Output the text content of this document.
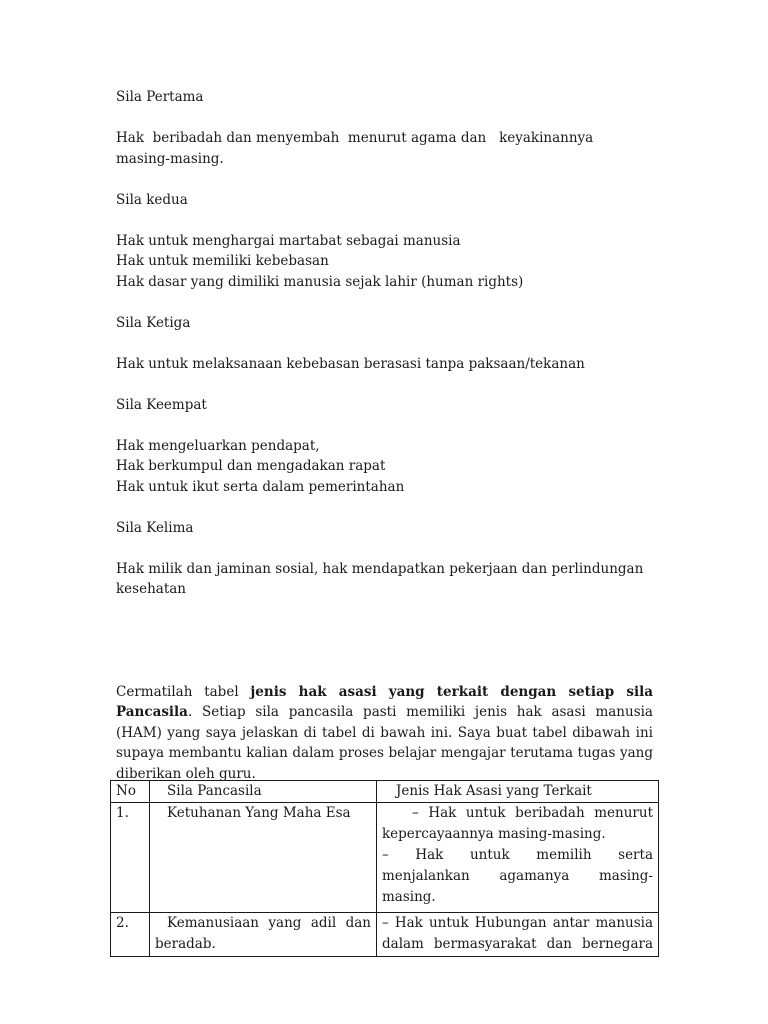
Sila Pertama

Hak  beribadah dan menyembah  menurut agama dan   keyakinannya

masing-masing.

Sila kedua

Hak untuk menghargai martabat sebagai manusia

Hak untuk memiliki kebebasan

Hak dasar yang dimiliki manusia sejak lahir (human rights)

Sila Ketiga

Hak untuk melaksanaan kebebasan berasasi tanpa paksaan/tekanan

Sila Keempat

Hak mengeluarkan pendapat,

Hak berkumpul dan mengadakan rapat

Hak untuk ikut serta dalam pemerintahan

Sila Kelima

Hak milik dan jaminan sosial, hak mendapatkan pekerjaan dan perlindungan

kesehatan

Cermatilah tabel jenis hak asasi yang terkait dengan setiap sila Pancasila. Setiap sila pancasila pasti memiliki jenis hak asasi manusia (HAM) yang saya jelaskan di tabel di bawah ini. Saya buat tabel dibawah ini supaya membantu kalian dalam proses belajar mengajar terutama tugas yang diberikan oleh guru.

No	Sila Pancasila	Jenis Hak Asasi yang Terkait
1.	Ketuhanan Yang Maha Esa	– Hak untuk beribadah menurut kepercayaannya masing-masing.
– Hak untuk memilih serta menjalankan agamanya masing-masing.

2.	Kemanusiaan yang adil dan beradab.	– Hak untuk Hubungan antar manusia dalam bermasyarakat dan bernegara
